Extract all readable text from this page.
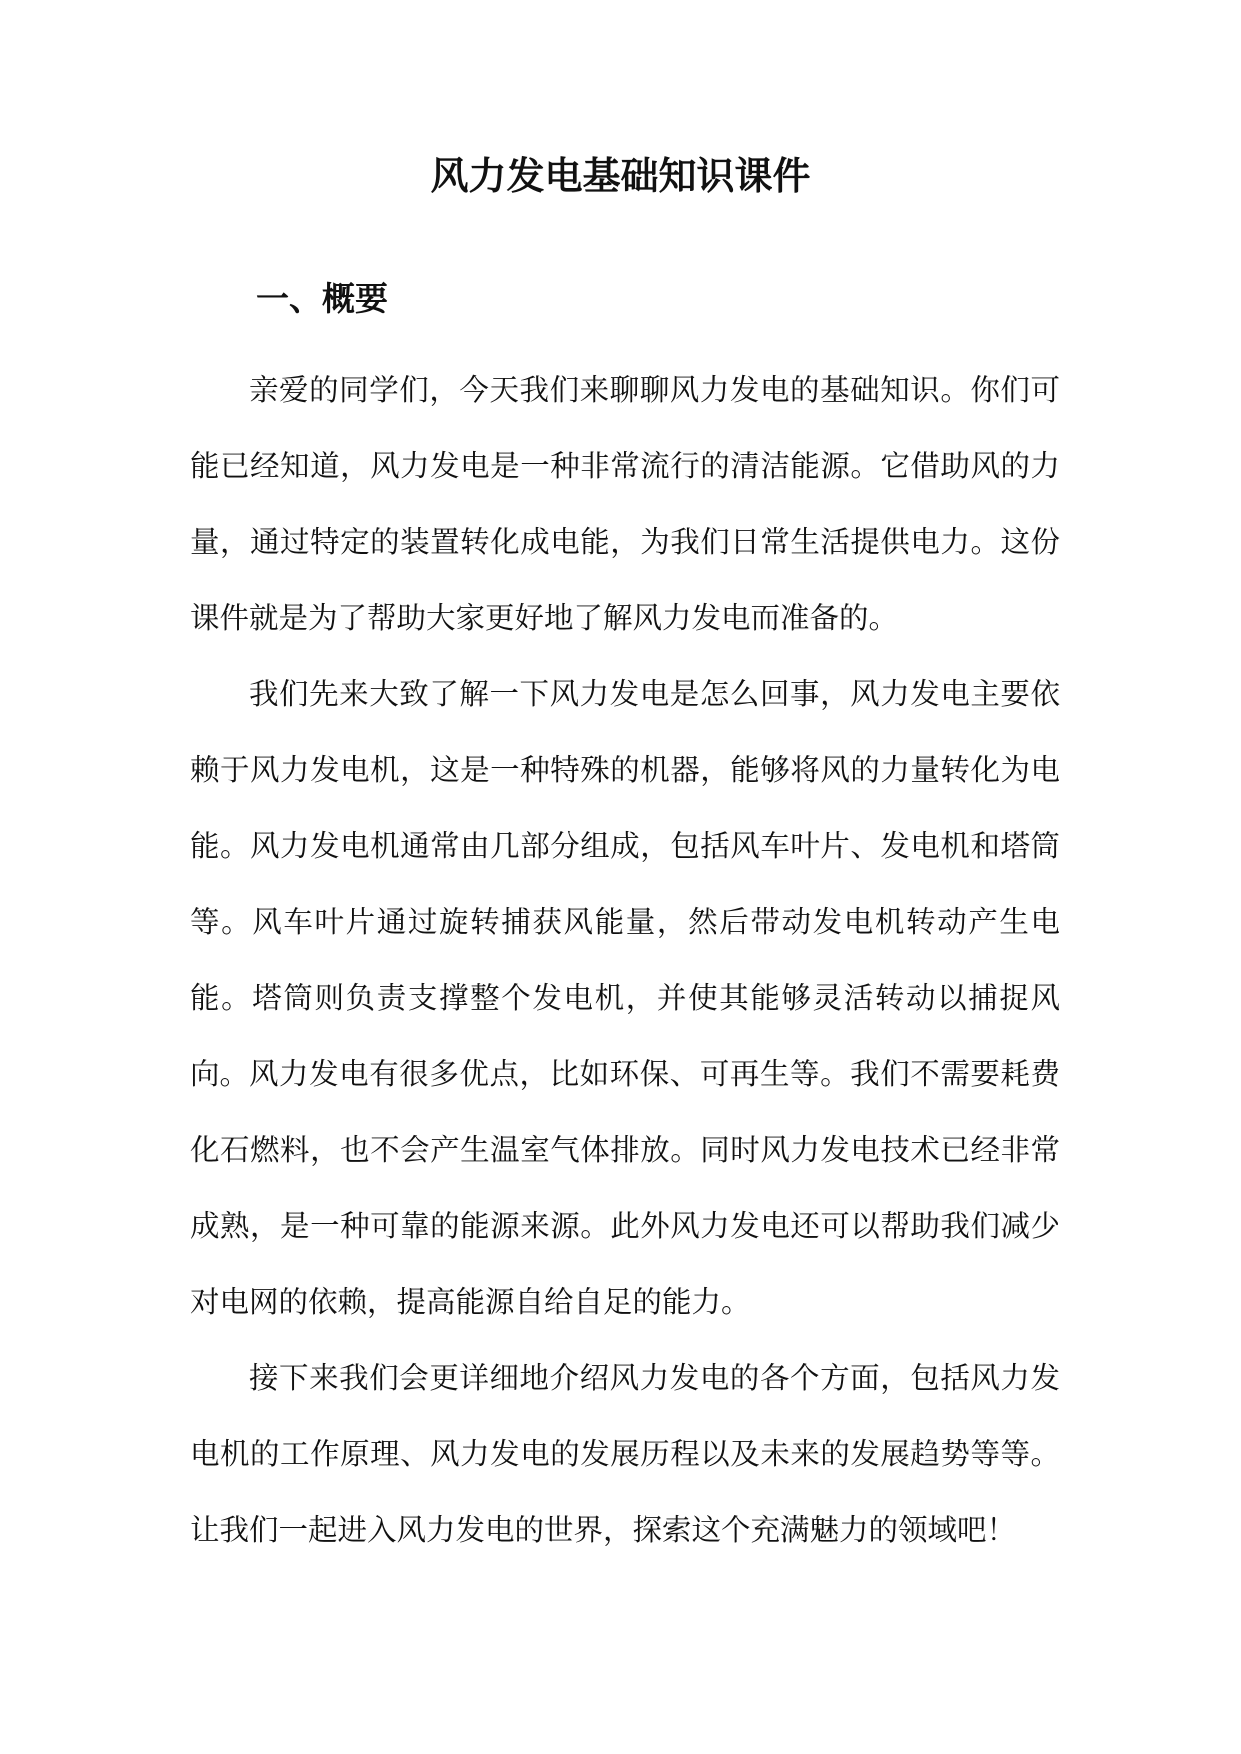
风力发电基础知识课件
一、概要

亲爱的同学们，今天我们来聊聊风力发电的基础知识。你们可能已经知道，风力发电是一种非常流行的清洁能源。它借助风的力量，通过特定的装置转化成电能，为我们日常生活提供电力。这份课件就是为了帮助大家更好地了解风力发电而准备的。

我们先来大致了解一下风力发电是怎么回事，风力发电主要依赖于风力发电机，这是一种特殊的机器，能够将风的力量转化为电能。风力发电机通常由几部分组成，包括风车叶片、发电机和塔筒等。风车叶片通过旋转捕获风能量，然后带动发电机转动产生电能。塔筒则负责支撑整个发电机，并使其能够灵活转动以捕捉风向。 风力发电有很多优点，比如环保、可再生等。我们不需要耗费化石燃料，也不会产生温室气体排放。同时风力发电技术已经非常成熟，是一种可靠的能源来源。此外风力发电还可以帮助我们减少对电网的依赖，提高能源自给自足的能力。

接下来我们会更详细地介绍风力发电的各个方面，包括风力发电机的工作原理、风力发电的发展历程以及未来的发展趋势等等。让我们一起进入风力发电的世界，探索这个充满魅力的领域吧！
